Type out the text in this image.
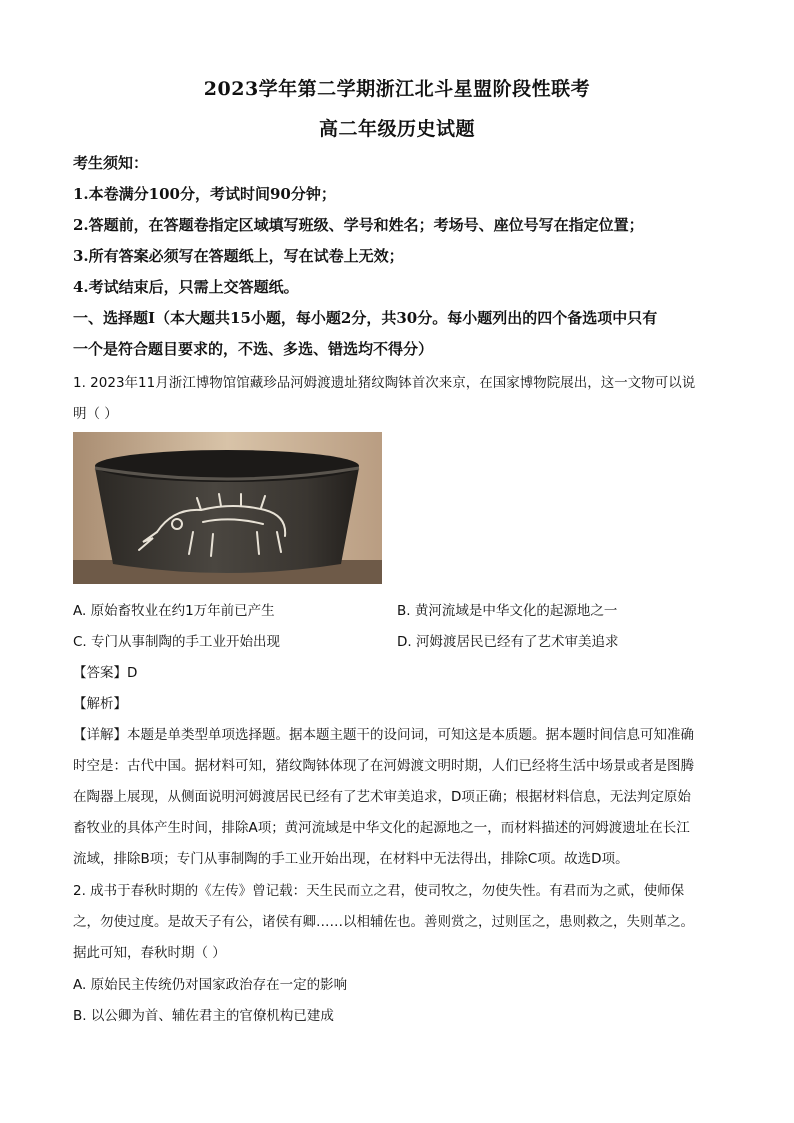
2023学年第二学期浙江北斗星盟阶段性联考
高二年级历史试题
考生须知：
1.本卷满分100分，考试时间90分钟；
2.答题前，在答题卷指定区域填写班级、学号和姓名；考场号、座位号写在指定位置；
3.所有答案必须写在答题纸上，写在试卷上无效；
4.考试结束后，只需上交答题纸。
一、选择题Ⅰ（本大题共15小题，每小题2分，共30分。每小题列出的四个备选项中只有
一个是符合题目要求的，不选、多选、错选均不得分）
1. 2023年11月浙江博物馆馆藏珍品河姆渡遗址猪纹陶钵首次来京，在国家博物院展出，这一文物可以说
明（ ）
A. 原始畜牧业在约1万年前已产生	B. 黄河流域是中华文化的起源地之一
C. 专门从事制陶的手工业开始出现	D. 河姆渡居民已经有了艺术审美追求
【答案】D
【解析】
【详解】本题是单类型单项选择题。据本题主题干的设问词，可知这是本质题。据本题时间信息可知准确
时空是：古代中国。据材料可知，猪纹陶钵体现了在河姆渡文明时期，人们已经将生活中场景或者是图腾
在陶器上展现，从侧面说明河姆渡居民已经有了艺术审美追求，D项正确；根据材料信息，无法判定原始
畜牧业的具体产生时间，排除A项；黄河流域是中华文化的起源地之一，而材料描述的河姆渡遗址在长江
流域，排除B项；专门从事制陶的手工业开始出现，在材料中无法得出，排除C项。故选D项。
2. 成书于春秋时期的《左传》曾记载：天生民而立之君，使司牧之，勿使失性。有君而为之贰，使师保
之，勿使过度。是故天子有公，诸侯有卿……以相辅佐也。善则赏之，过则匡之，患则救之，失则革之。
据此可知，春秋时期（ ）
A. 原始民主传统仍对国家政治存在一定的影响
B. 以公卿为首、辅佐君主的官僚机构已建成
